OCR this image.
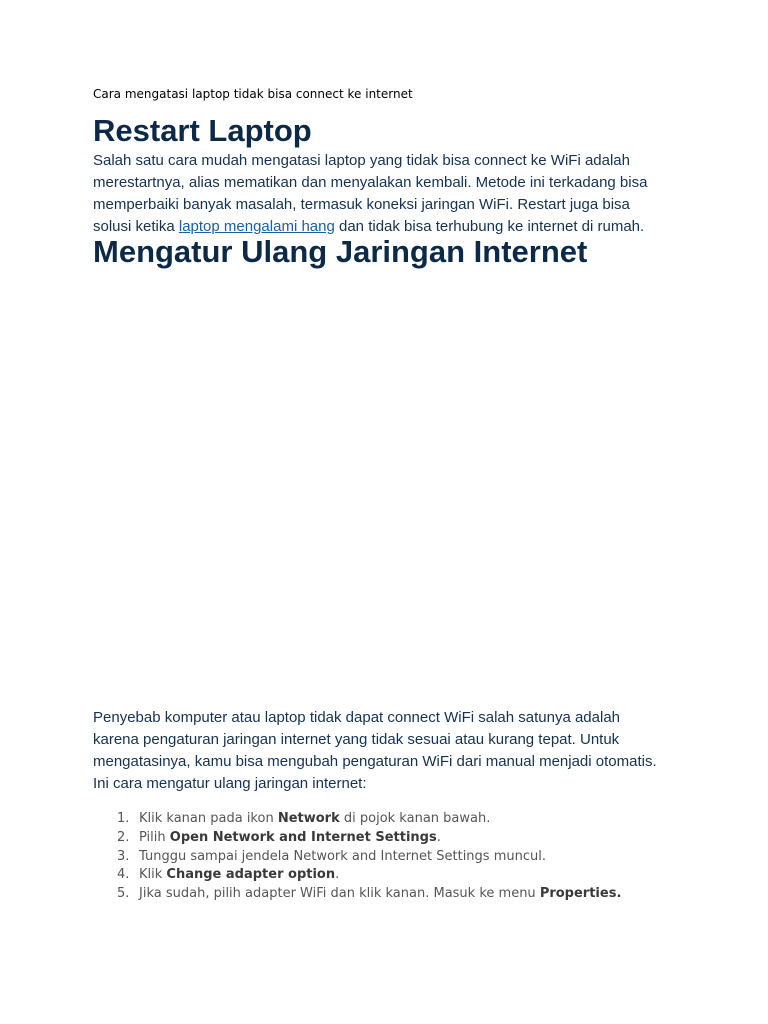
Cara mengatasi laptop tidak bisa connect ke internet
Restart Laptop

Salah satu cara mudah mengatasi laptop yang tidak bisa connect ke WiFi adalah
merestartnya, alias mematikan dan menyalakan kembali. Metode ini terkadang bisa
memperbaiki banyak masalah, termasuk koneksi jaringan WiFi. Restart juga bisa
solusi ketika laptop mengalami hang dan tidak bisa terhubung ke internet di rumah.

Mengatur Ulang Jaringan Internet

Penyebab komputer atau laptop tidak dapat connect WiFi salah satunya adalah
karena pengaturan jaringan internet yang tidak sesuai atau kurang tepat. Untuk
mengatasinya, kamu bisa mengubah pengaturan WiFi dari manual menjadi otomatis.
Ini cara mengatur ulang jaringan internet:

1. Klik kanan pada ikon Network di pojok kanan bawah.
2. Pilih Open Network and Internet Settings.
3. Tunggu sampai jendela Network and Internet Settings muncul.
4. Klik Change adapter option.
5. Jika sudah, pilih adapter WiFi dan klik kanan. Masuk ke menu Properties.
